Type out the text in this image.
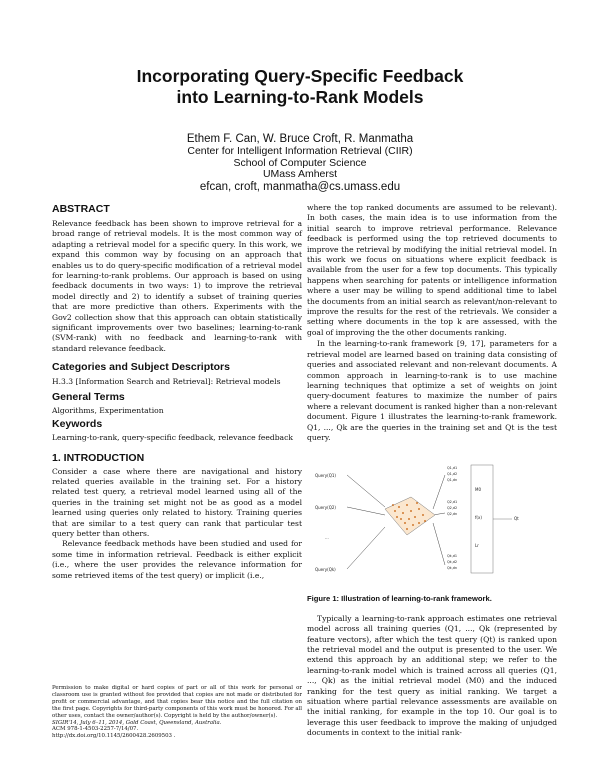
Incorporating Query-Specific Feedback
into Learning-to-Rank Models
Ethem F. Can, W. Bruce Croft, R. Manmatha
Center for Intelligent Information Retrieval (CIIR)
School of Computer Science
UMass Amherst
efcan, croft, manmatha@cs.umass.edu
ABSTRACT
Relevance feedback has been shown to improve retrieval for a broad range of retrieval models. It is the most common way of adapting a retrieval model for a specific query. In this work, we expand this common way by focusing on an approach that enables us to do query-specific modification of a retrieval model for learning-to-rank problems. Our approach is based on using feedback documents in two ways: 1) to improve the retrieval model directly and 2) to identify a subset of training queries that are more predictive than others. Experiments with the Gov2 collection show that this approach can obtain statistically significant improvements over two baselines; learning-to-rank (SVM-rank) with no feedback and learning-to-rank with standard relevance feedback.
Categories and Subject Descriptors
H.3.3 [Information Search and Retrieval]: Retrieval models
General Terms
Algorithms, Experimentation
Keywords
Learning-to-rank, query-specific feedback, relevance feedback
1. INTRODUCTION
Consider a case where there are navigational and history related queries available in the training set. For a history related test query, a retrieval model learned using all of the queries in the training set might not be as good as a model learned using queries only related to history. Training queries that are similar to a test query can rank that particular test query better than others.
Relevance feedback methods have been studied and used for some time in information retrieval. Feedback is either explicit (i.e., where the user provides the relevance information for some retrieved items of the test query) or implicit (i.e.,
Permission to make digital or hard copies of part or all of this work for personal or classroom use is granted without fee provided that copies are not made or distributed for profit or commercial advantage, and that copies bear this notice and the full citation on the first page. Copyrights for third-party components of this work must be honored. For all other uses, contact the owner/author(s). Copyright is held by the author/owner(s).
SIGIR'14, July 6–11, 2014, Gold Coast, Queensland, Australia.
ACM 978-1-4503-2257-7/14/07.
http://dx.doi.org/10.1145/2600428.2609503 .
where the top ranked documents are assumed to be relevant). In both cases, the main idea is to use information from the initial search to improve retrieval performance. Relevance feedback is performed using the top retrieved documents to improve the retrieval by modifying the initial retrieval model. In this work we focus on situations where explicit feedback is available from the user for a few top documents. This typically happens when searching for patents or intelligence information where a user may be willing to spend additional time to label the documents from an initial search as relevant/non-relevant to improve the results for the rest of the retrievals. We consider a setting where documents in the top k are assessed, with the goal of improving the the other documents ranking.
In the learning-to-rank framework [9, 17], parameters for a retrieval model are learned based on training data consisting of queries and associated relevant and non-relevant documents. A common approach in learning-to-rank is to use machine learning techniques that optimize a set of weights on joint query-document features to maximize the number of pairs where a relevant document is ranked higher than a non-relevant document. Figure 1 illustrates the learning-to-rank framework. Q1, ..., Qk are the queries in the training set and Qt is the test query.
Query(Q1)
Query(Q2)
...
Query(Qk)
Q1,d1
Q1,d2
Q1,dn
Q2,d1
Q2,d2
Q2,dn
Qk,d1
Qk,d2
Qk,dn
M0
f(x)
Lr
Qt
Figure 1: Illustration of learning-to-rank framework.
Typically a learning-to-rank approach estimates one retrieval model across all training queries (Q1, ..., Qk (represented by feature vectors), after which the test query (Qt) is ranked upon the retrieval model and the output is presented to the user. We extend this approach by an additional step; we refer to the learning-to-rank model which is trained across all queries (Q1, ..., Qk) as the initial retrieval model (M0) and the induced ranking for the test query as initial ranking. We target a situation where partial relevance assessments are available on the initial ranking, for example in the top 10. Our goal is to leverage this user feedback to improve the making of unjudged documents in context to the initial rank-
